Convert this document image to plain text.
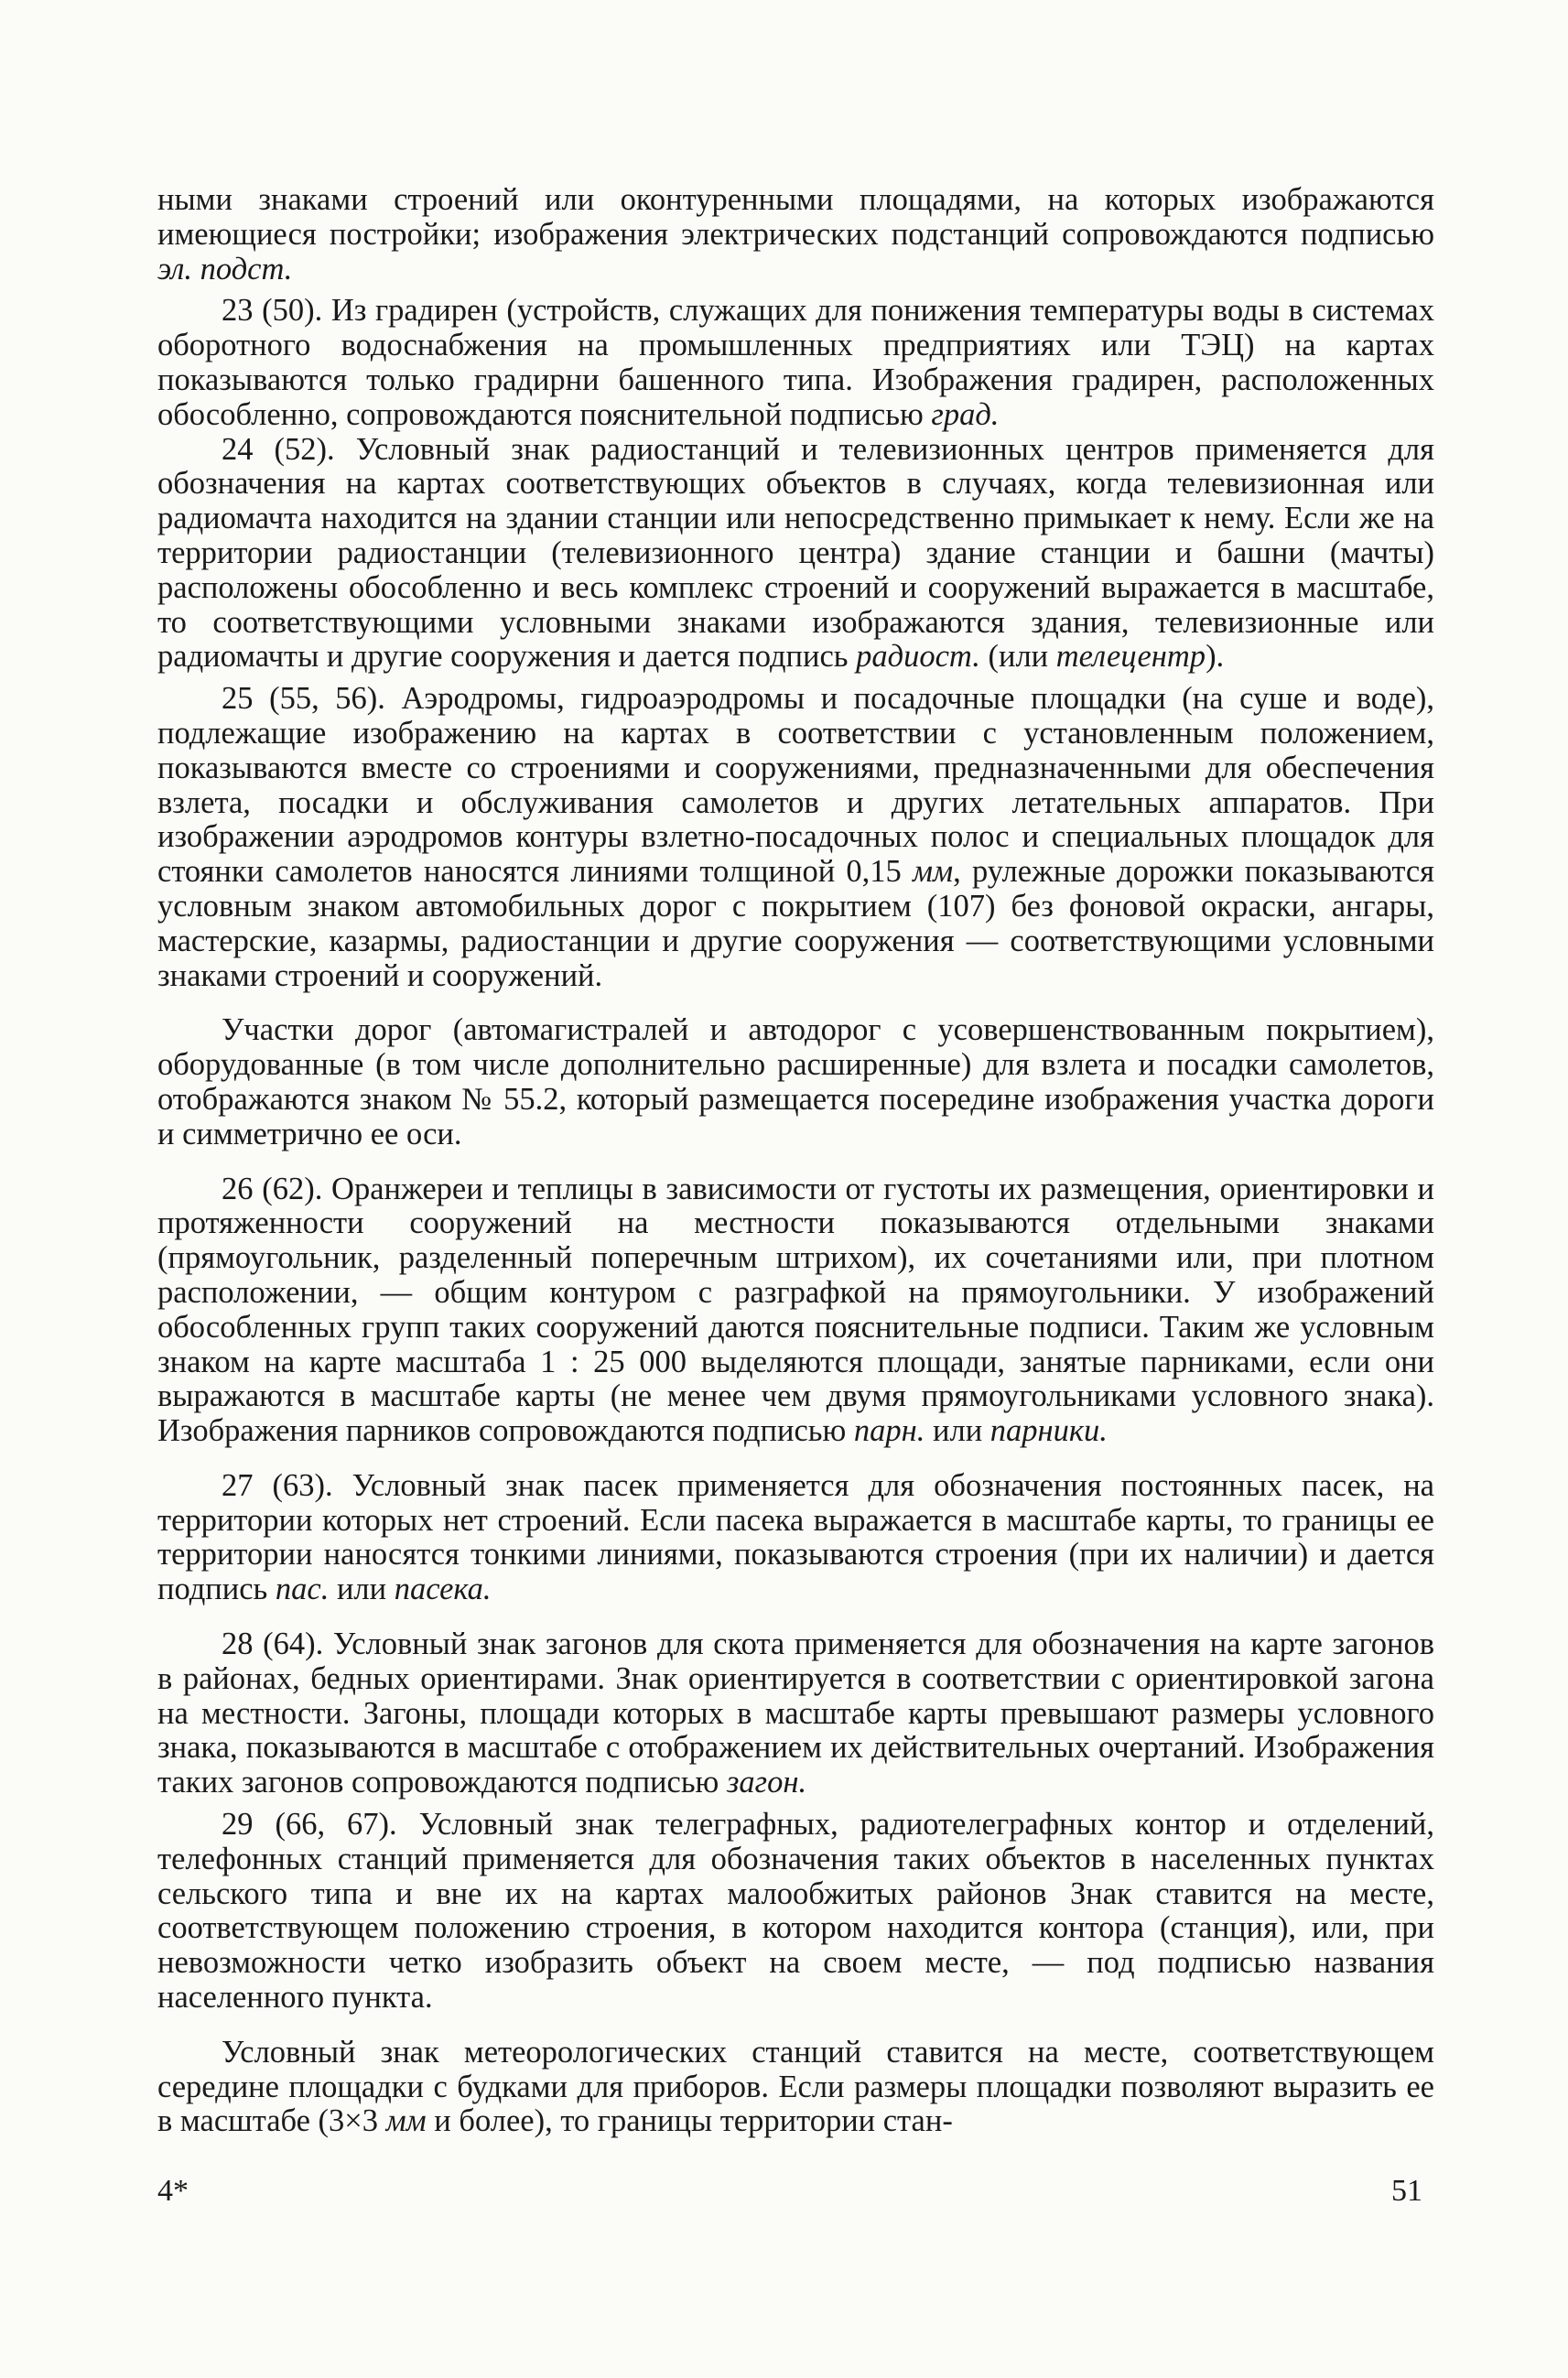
ными знаками строений или оконтуренными площадями, на которых изображаются имеющиеся постройки; изображения электрических подстанций сопровождаются подписью эл. подст.

23 (50). Из градирен (устройств, служащих для понижения температуры воды в системах оборотного водоснабжения на промышленных предприятиях или ТЭЦ) на картах показываются только градирни башенного типа. Изображения градирен, расположенных обособленно, сопровождаются пояснительной подписью град.

24 (52). Условный знак радиостанций и телевизионных центров применяется для обозначения на картах соответствующих объектов в случаях, когда телевизионная или радиомачта находится на здании станции или непосредственно примыкает к нему. Если же на территории радиостанции (телевизионного центра) здание станции и башни (мачты) расположены обособленно и весь комплекс строений и сооружений выражается в масштабе, то соответствующими условными знаками изображаются здания, телевизионные или радиомачты и другие сооружения и дается подпись радиост. (или телецентр).

25 (55, 56). Аэродромы, гидроаэродромы и посадочные площадки (на суше и воде), подлежащие изображению на картах в соответствии с установленным положением, показываются вместе со строениями и сооружениями, предназначенными для обеспечения взлета, посадки и обслуживания самолетов и других летательных аппаратов. При изображении аэродромов контуры взлетно-посадочных полос и специальных площадок для стоянки самолетов наносятся линиями толщиной 0,15 мм, рулежные дорожки показываются условным знаком автомобильных дорог с покрытием (107) без фоновой окраски, ангары, мастерские, казармы, радиостанции и другие сооружения — соответствующими условными знаками строений и сооружений.

Участки дорог (автомагистралей и автодорог с усовершенствованным покрытием), оборудованные (в том числе дополнительно расширенные) для взлета и посадки самолетов, отображаются знаком № 55.2, который размещается посередине изображения участка дороги и симметрично ее оси.

26 (62). Оранжереи и теплицы в зависимости от густоты их размещения, ориентировки и протяженности сооружений на местности показываются отдельными знаками (прямоугольник, разделенный поперечным штрихом), их сочетаниями или, при плотном расположении, — общим контуром с разграфкой на прямоугольники. У изображений обособленных групп таких сооружений даются пояснительные подписи. Таким же условным знаком на карте масштаба 1 : 25 000 выделяются площади, занятые парниками, если они выражаются в масштабе карты (не менее чем двумя прямоугольниками условного знака). Изображения парников сопровождаются подписью парн. или парники.

27 (63). Условный знак пасек применяется для обозначения постоянных пасек, на территории которых нет строений. Если пасека выражается в масштабе карты, то границы ее территории наносятся тонкими линиями, показываются строения (при их наличии) и дается подпись пас. или пасека.

28 (64). Условный знак загонов для скота применяется для обозначения на карте загонов в районах, бедных ориентирами. Знак ориентируется в соответствии с ориентировкой загона на местности. Загоны, площади которых в масштабе карты превышают размеры условного знака, показываются в масштабе с отображением их действительных очертаний. Изображения таких загонов сопровождаются подписью загон.

29 (66, 67). Условный знак телеграфных, радиотелеграфных контор и отделений, телефонных станций применяется для обозначения таких объектов в населенных пунктах сельского типа и вне их на картах малообжитых районов Знак ставится на месте, соответствующем положению строения, в котором находится контора (станция), или, при невозможности четко изобразить объект на своем месте, — под подписью названия населенного пункта.

Условный знак метеорологических станций ставится на месте, соответствующем середине площадки с будками для приборов. Если размеры площадки позволяют выразить ее в масштабе (3×3 мм и более), то границы территории стан-

4*	51
